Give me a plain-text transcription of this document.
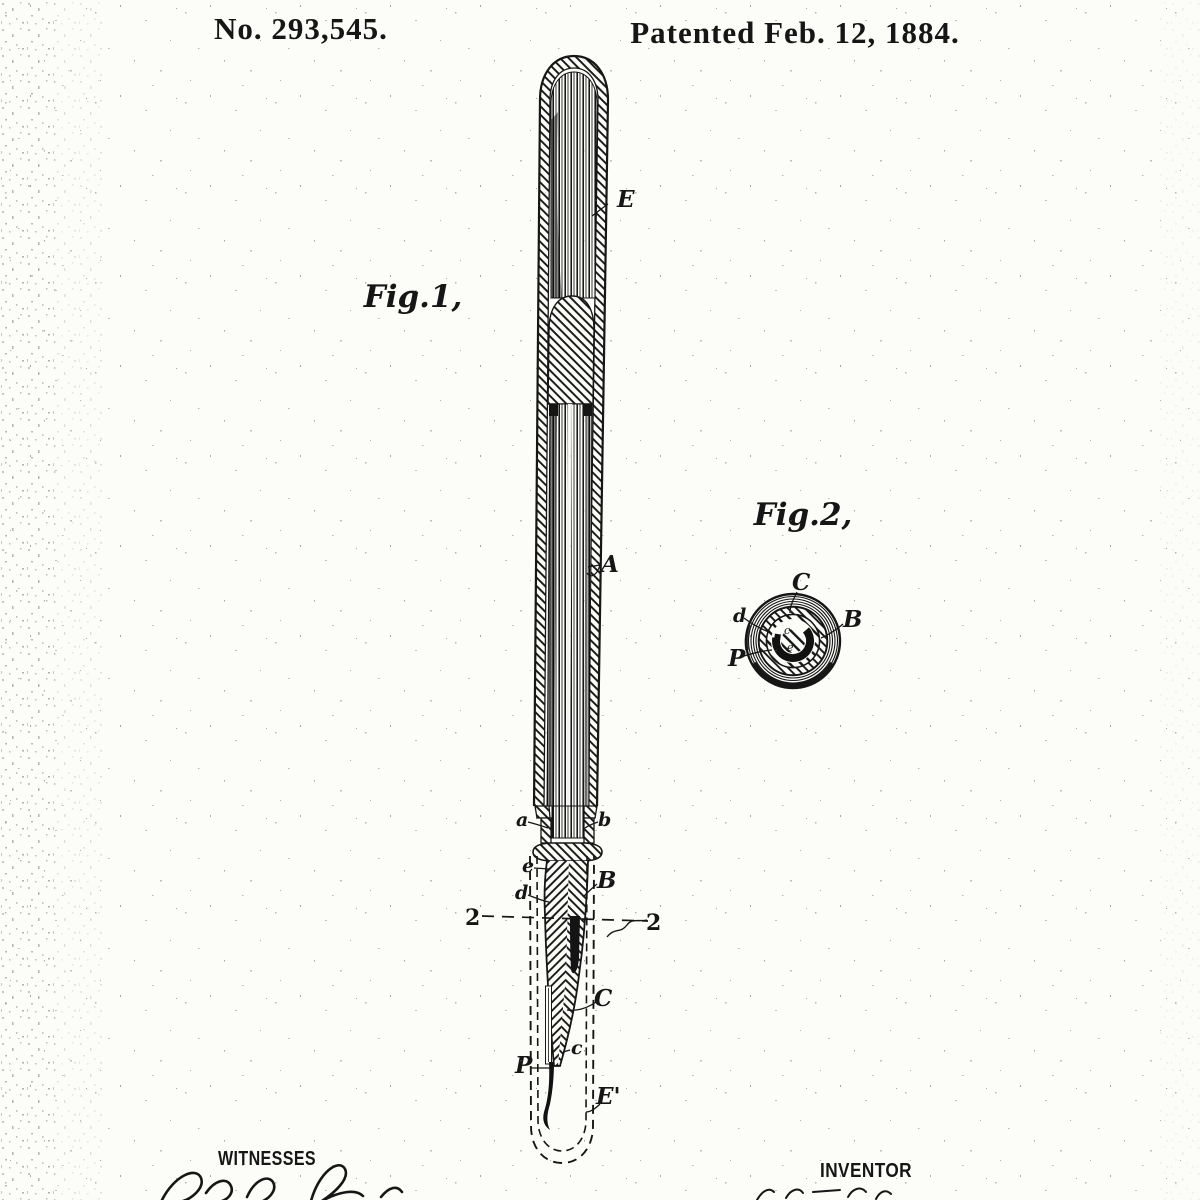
No. 293,545.	Patented Feb. 12, 1884.
Fig.1,
E
A
a	b
e
B
d
2	2
C
c
P
E'
Fig.2,
c
e
C
d	B
P
WITNESSES
INVENTOR
